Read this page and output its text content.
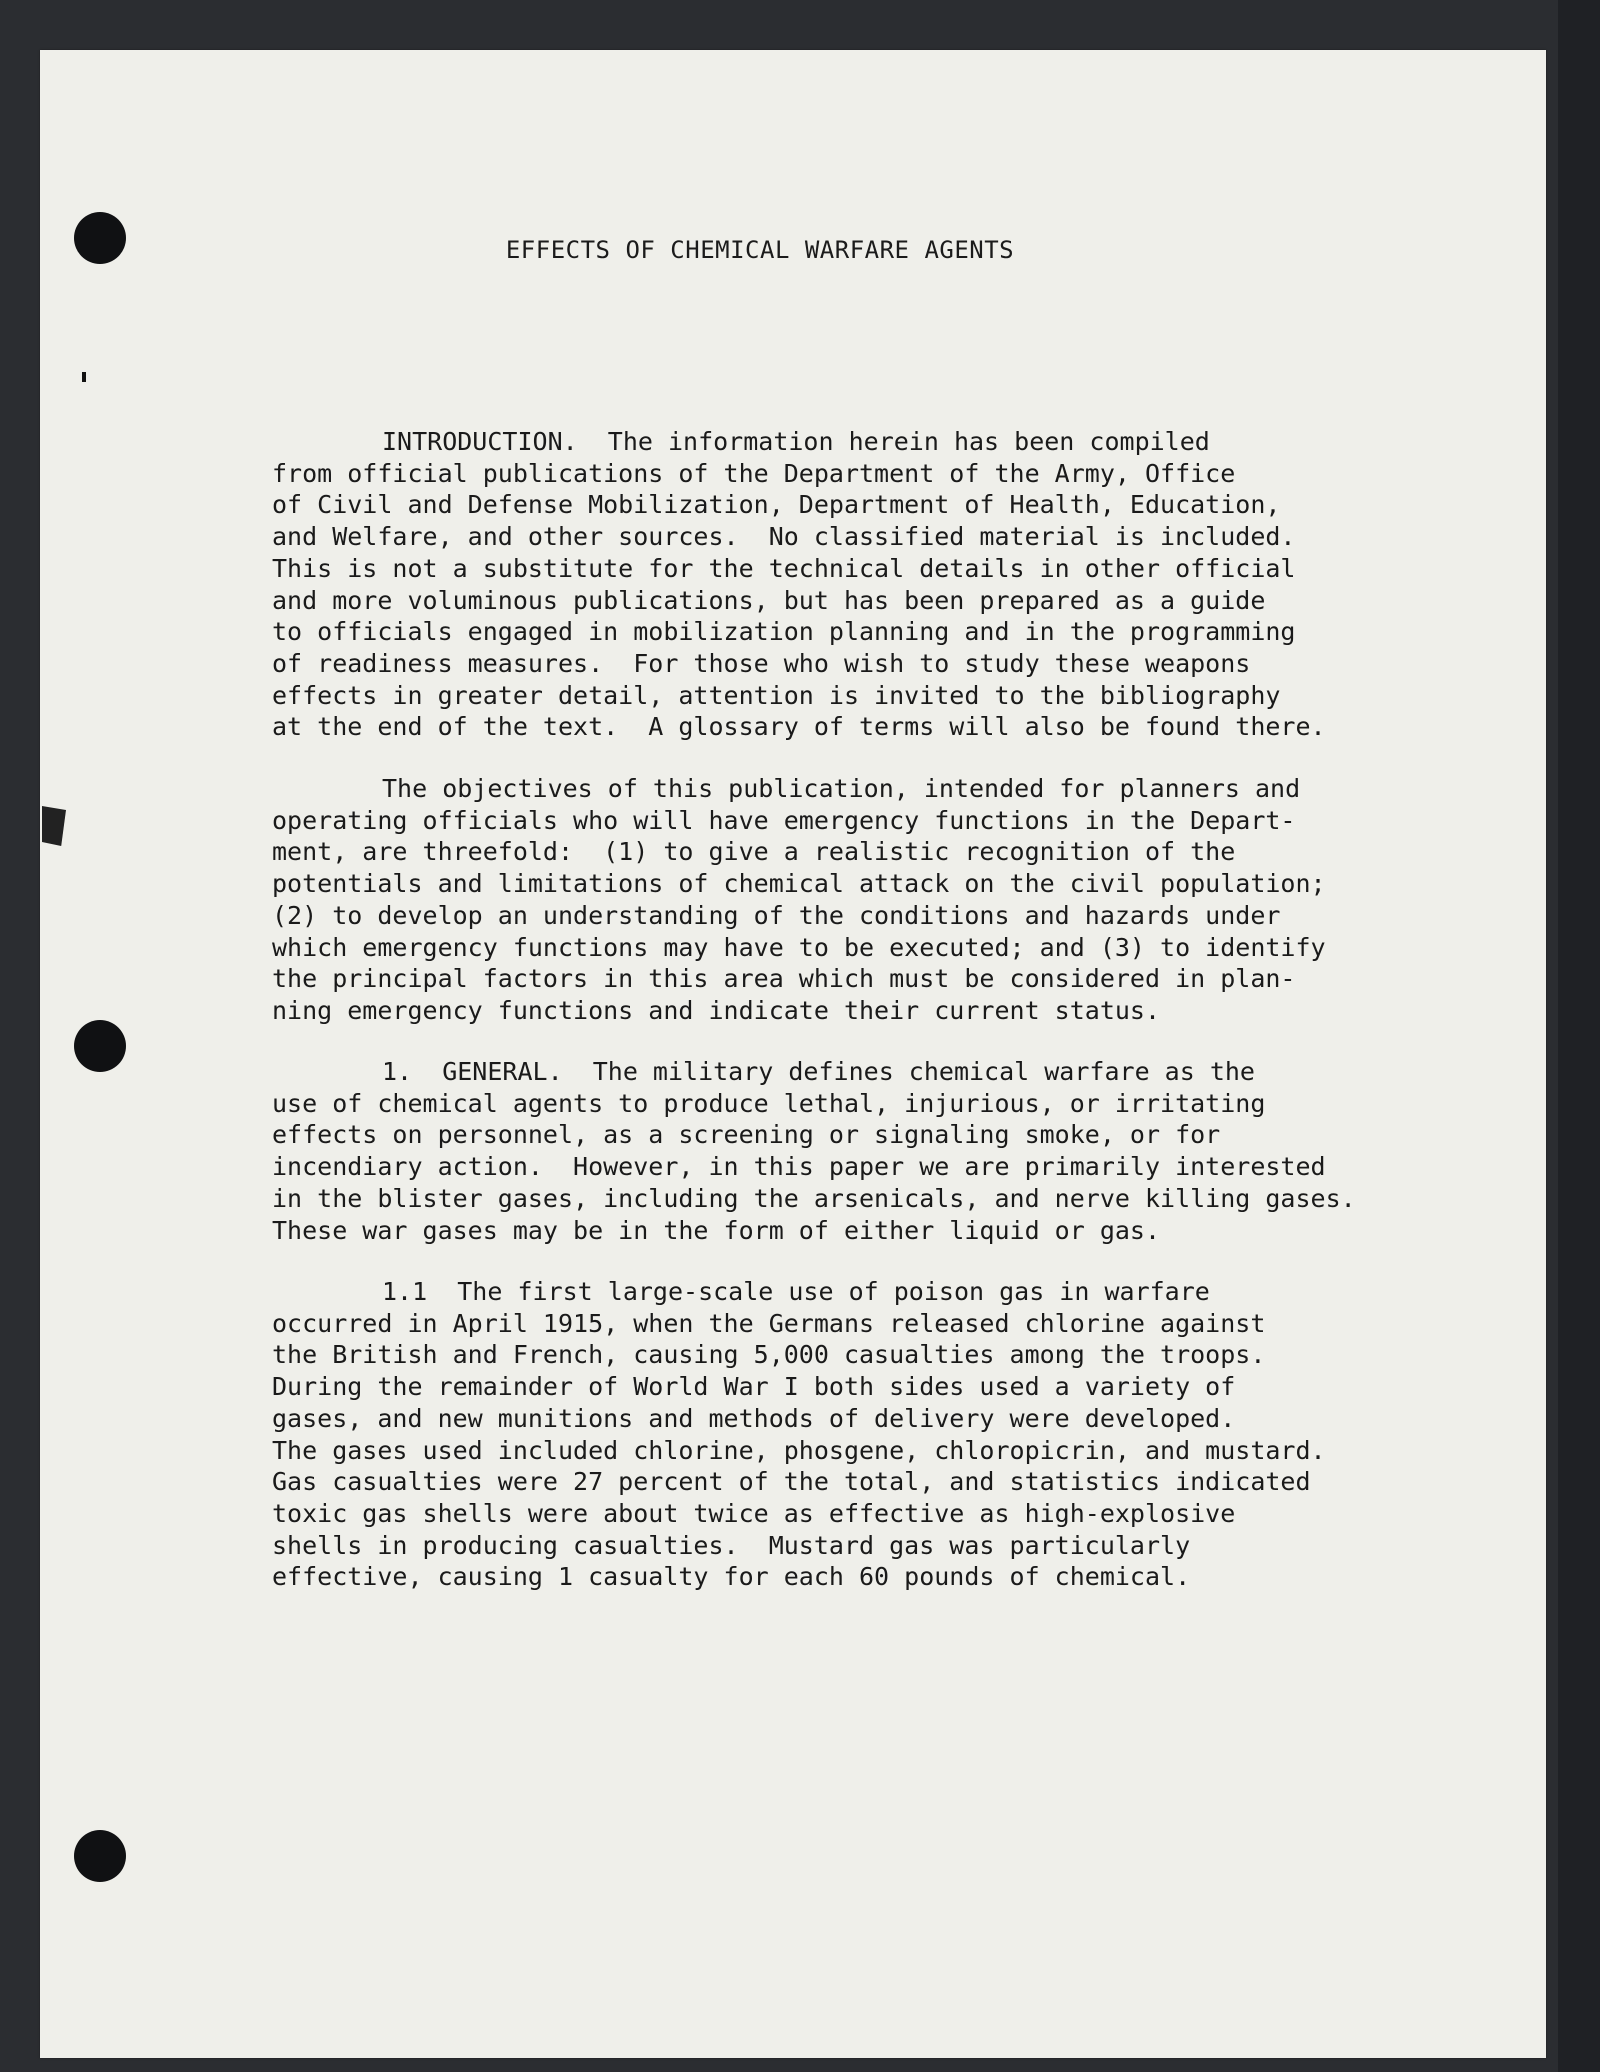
EFFECTS OF CHEMICAL WARFARE AGENTS
INTRODUCTION.  The information herein has been compiled
from official publications of the Department of the Army, Office
of Civil and Defense Mobilization, Department of Health, Education,
and Welfare, and other sources.  No classified material is included.
This is not a substitute for the technical details in other official
and more voluminous publications, but has been prepared as a guide
to officials engaged in mobilization planning and in the programming
of readiness measures.  For those who wish to study these weapons
effects in greater detail, attention is invited to the bibliography
at the end of the text.  A glossary of terms will also be found there.
The objectives of this publication, intended for planners and
operating officials who will have emergency functions in the Depart-
ment, are threefold:  (1) to give a realistic recognition of the
potentials and limitations of chemical attack on the civil population;
(2) to develop an understanding of the conditions and hazards under
which emergency functions may have to be executed; and (3) to identify
the principal factors in this area which must be considered in plan-
ning emergency functions and indicate their current status.
1.  GENERAL.  The military defines chemical warfare as the
use of chemical agents to produce lethal, injurious, or irritating
effects on personnel, as a screening or signaling smoke, or for
incendiary action.  However, in this paper we are primarily interested
in the blister gases, including the arsenicals, and nerve killing gases.
These war gases may be in the form of either liquid or gas.
1.1  The first large-scale use of poison gas in warfare
occurred in April 1915, when the Germans released chlorine against
the British and French, causing 5,000 casualties among the troops.
During the remainder of World War I both sides used a variety of
gases, and new munitions and methods of delivery were developed.
The gases used included chlorine, phosgene, chloropicrin, and mustard.
Gas casualties were 27 percent of the total, and statistics indicated
toxic gas shells were about twice as effective as high-explosive
shells in producing casualties.  Mustard gas was particularly
effective, causing 1 casualty for each 60 pounds of chemical.
